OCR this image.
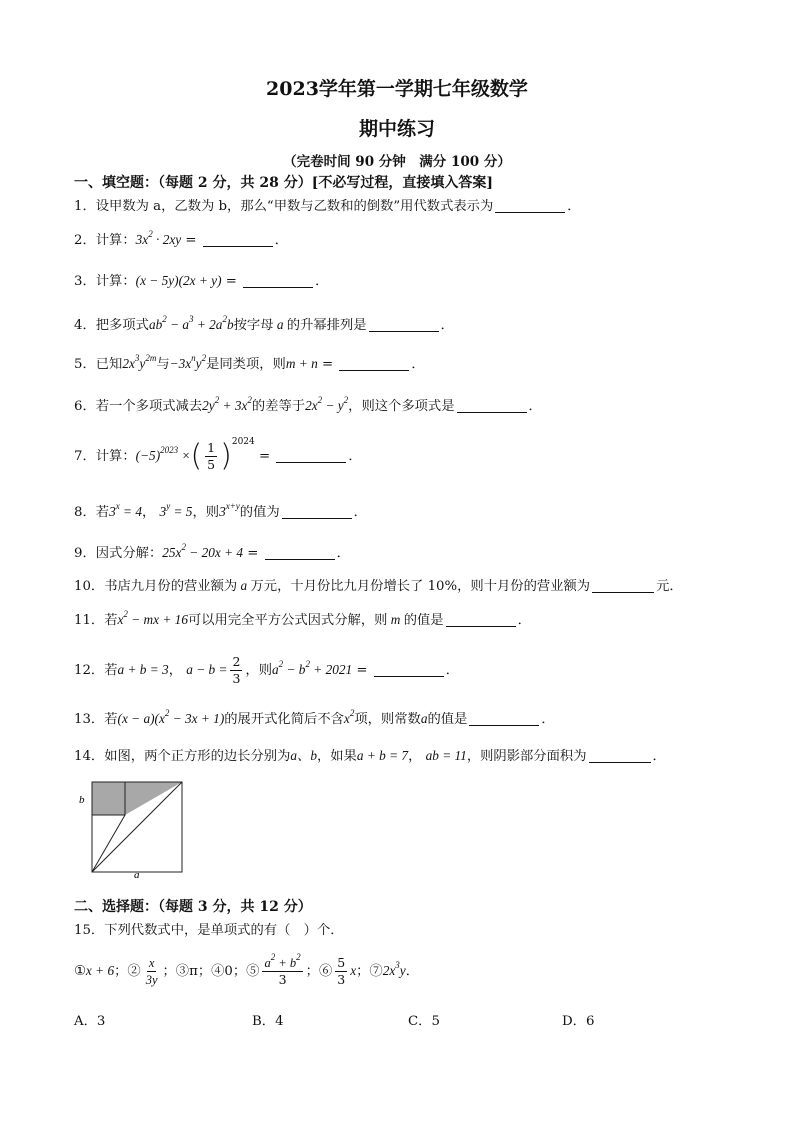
2023学年第一学期七年级数学
期中练习
（完卷时间 90 分钟　满分 100 分）
一、填空题：（每题 2 分，共 28 分）[不必写过程，直接填入答案]
1．设甲数为 a，乙数为 b，那么“甲数与乙数和的倒数”用代数式表示为	．
2．计算：$3x^2 \cdot 2xy$ =	．
3．计算：(x − 5y)(2x + y) =	．
4．把多项式$ab^2 - a^3 + 2a^2b$按字母 a 的升幂排列是	．
5．已知$2x^3y^{2m}$与$-3x^ny^2$是同类项，则m + n =	．
6．若一个多项式减去$2y^2 + 3x^2$的差等于$2x^2 - y^2$，则这个多项式是	．
7．计算：$(-5)^{2023}$ ×( $\frac{1}{5} )^{2024}$ =	．
8．若$3^x = 4$， $3^y = 5$，则$3^{x+y}$的值为	．
9．因式分解：$25x^2 - 20x + 4$ =	．
10．书店九月份的营业额为 a 万元，十月份比九月份增长了 10%，则十月份的营业额为	元．
11．若$x^2$ − mx + 16可以用完全平方公式因式分解，则 m 的值是	．
12．若a + b = 3， $a - b = \frac{2}{3}$ ，则$a^2 - b^2 + 2021$ =	．
13．若$(x - a)(x^2 - 3x + 1)$的展开式化简后不含$x^2$项，则常数a的值是	．
14．如图，两个正方形的边长分别为a、b，如果a + b = 7， ab = 11，则阴影部分面积为	．
b
a
二、选择题：（每题 3 分，共 12 分）
15．下列代数式中，是单项式的有（　）个．
①x + 6；② $\frac{x}{3y}$ ；③π；④0；⑤ $\frac{a^2 + b^2}{3}$ ；⑥ $\frac{5}{3}$ x；$⑦2x^3y$．
A．3	B．4	C．5	D．6
